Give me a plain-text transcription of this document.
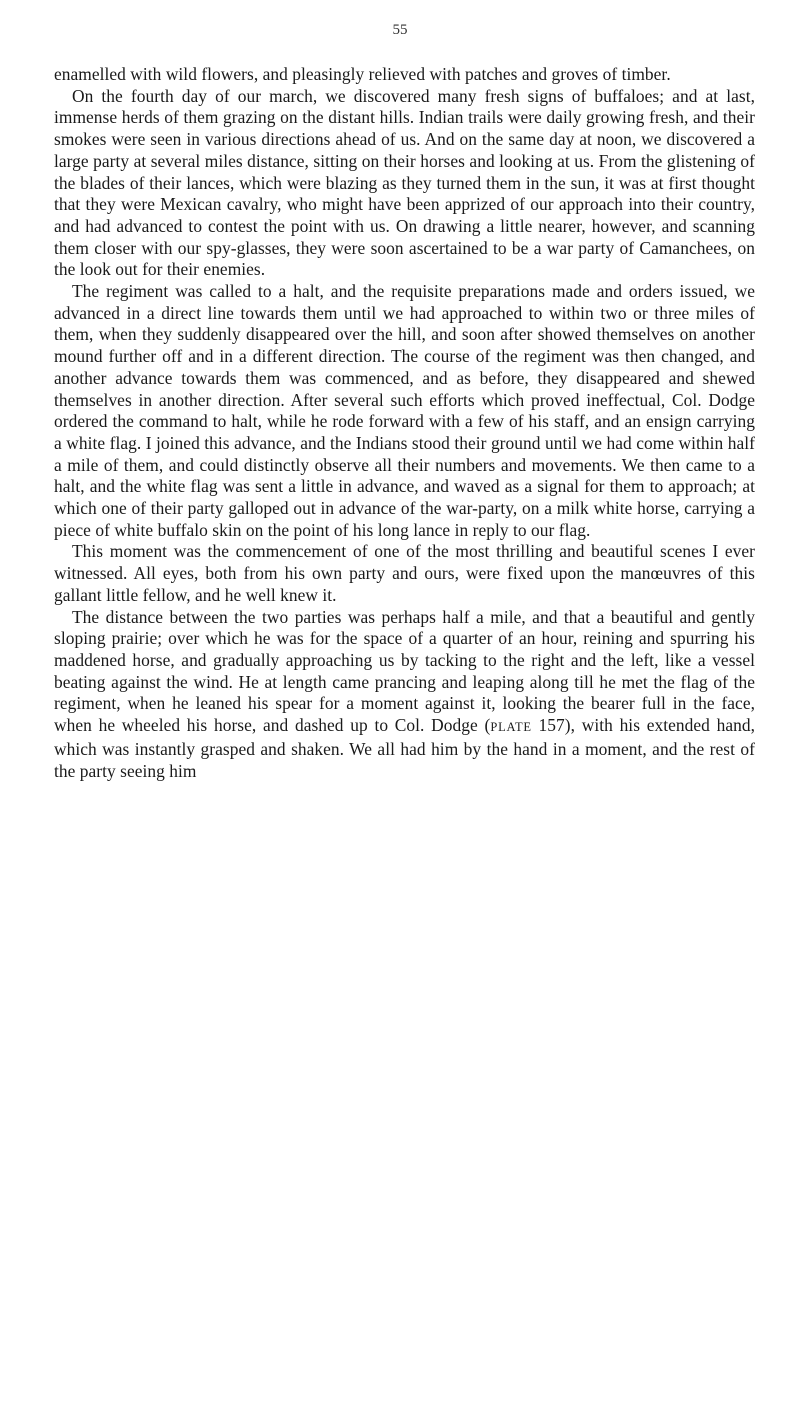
55

enamelled with wild flowers, and pleasingly relieved with patches and groves of timber.

On the fourth day of our march, we discovered many fresh signs of buffaloes; and at last, immense herds of them grazing on the distant hills. Indian trails were daily growing fresh, and their smokes were seen in various directions ahead of us. And on the same day at noon, we discovered a large party at several miles distance, sitting on their horses and looking at us. From the glistening of the blades of their lances, which were blazing as they turned them in the sun, it was at first thought that they were Mexican cavalry, who might have been apprized of our approach into their country, and had advanced to contest the point with us. On drawing a little nearer, however, and scanning them closer with our spy-glasses, they were soon ascertained to be a war party of Camanchees, on the look out for their enemies.

The regiment was called to a halt, and the requisite preparations made and orders issued, we advanced in a direct line towards them until we had approached to within two or three miles of them, when they suddenly disappeared over the hill, and soon after showed themselves on another mound further off and in a different direction. The course of the regiment was then changed, and another advance towards them was commenced, and as before, they disappeared and shewed themselves in another direction. After several such efforts which proved ineffectual, Col. Dodge ordered the command to halt, while he rode forward with a few of his staff, and an ensign carrying a white flag. I joined this advance, and the Indians stood their ground until we had come within half a mile of them, and could distinctly observe all their numbers and movements. We then came to a halt, and the white flag was sent a little in advance, and waved as a signal for them to approach; at which one of their party galloped out in advance of the war-party, on a milk white horse, carrying a piece of white buffalo skin on the point of his long lance in reply to our flag.

This moment was the commencement of one of the most thrilling and beautiful scenes I ever witnessed. All eyes, both from his own party and ours, were fixed upon the manœuvres of this gallant little fellow, and he well knew it.

The distance between the two parties was perhaps half a mile, and that a beautiful and gently sloping prairie; over which he was for the space of a quarter of an hour, reining and spurring his maddened horse, and gradually approaching us by tacking to the right and the left, like a vessel beating against the wind. He at length came prancing and leaping along till he met the flag of the regiment, when he leaned his spear for a moment against it, looking the bearer full in the face, when he wheeled his horse, and dashed up to Col. Dodge (PLATE 157), with his extended hand, which was instantly grasped and shaken. We all had him by the hand in a moment, and the rest of the party seeing him
